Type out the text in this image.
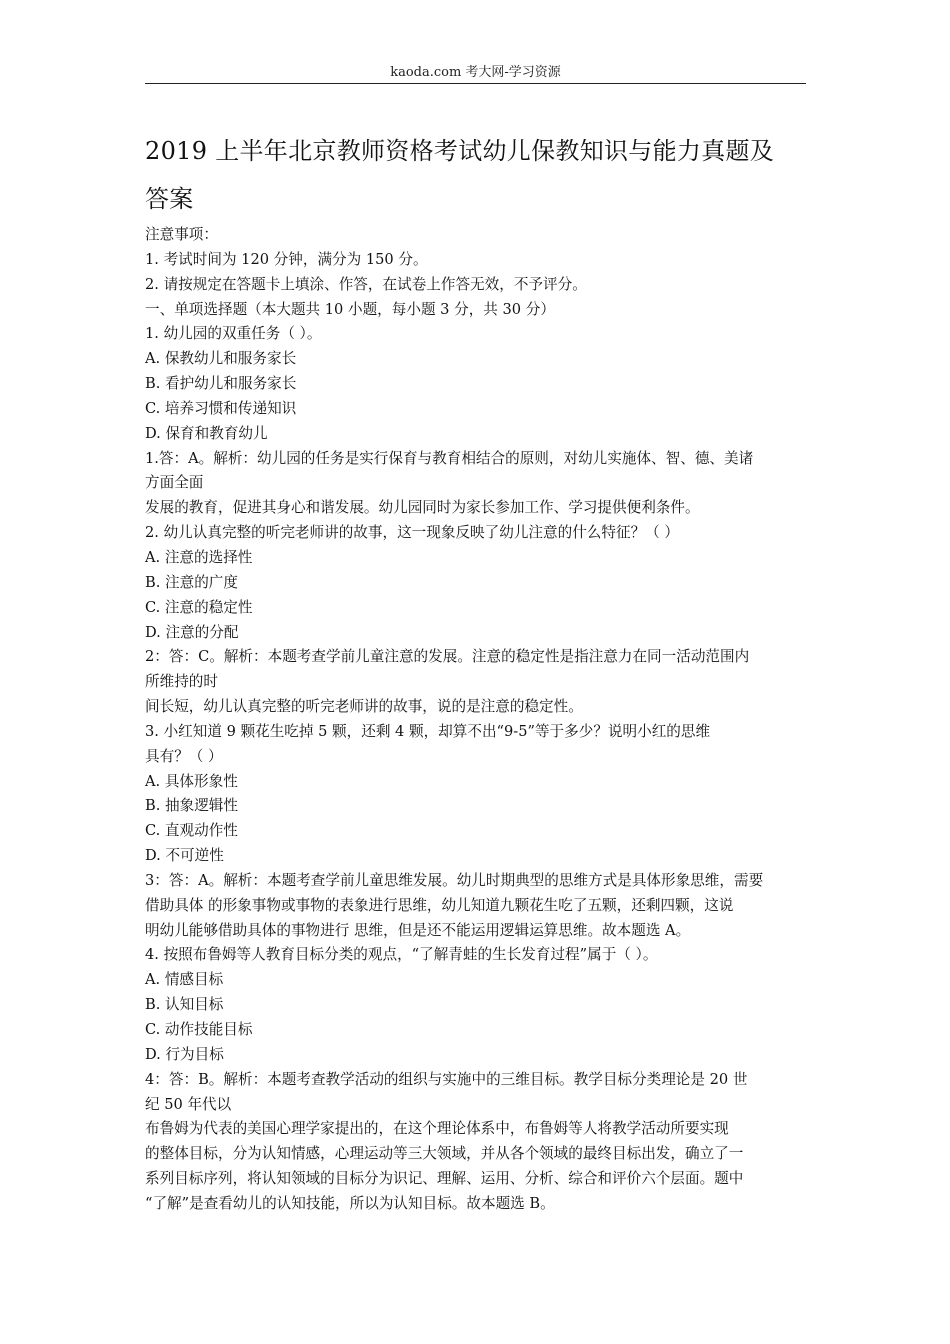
kaoda.com 考大网-学习资源
2019 上半年北京教师资格考试幼儿保教知识与能力真题及
答案
注意事项：
1. 考试时间为 120 分钟，满分为 150 分。
2. 请按规定在答题卡上填涂、作答，在试卷上作答无效，不予评分。
一、单项选择题（本大题共 10 小题，每小题 3 分，共 30 分）
1. 幼儿园的双重任务（ ）。
A. 保教幼儿和服务家长
B. 看护幼儿和服务家长
C. 培养习惯和传递知识
D. 保育和教育幼儿
1.答：A。解析：幼儿园的任务是实行保育与教育相结合的原则，对幼儿实施体、智、德、美诸
方面全面
发展的教育，促进其身心和谐发展。幼儿园同时为家长参加工作、学习提供便利条件。
2. 幼儿认真完整的听完老师讲的故事，这一现象反映了幼儿注意的什么特征？（ ）
A. 注意的选择性
B. 注意的广度
C. 注意的稳定性
D. 注意的分配
2：答：C。解析：本题考查学前儿童注意的发展。注意的稳定性是指注意力在同一活动范围内
所维持的时
间长短，幼儿认真完整的听完老师讲的故事，说的是注意的稳定性。
3. 小红知道 9 颗花生吃掉 5 颗，还剩 4 颗，却算不出“9-5”等于多少？说明小红的思维
具有？（ ）
A. 具体形象性
B. 抽象逻辑性
C. 直观动作性
D. 不可逆性
3：答：A。解析：本题考查学前儿童思维发展。幼儿时期典型的思维方式是具体形象思维，需要
借助具体 的形象事物或事物的表象进行思维，幼儿知道九颗花生吃了五颗，还剩四颗，这说
明幼儿能够借助具体的事物进行 思维，但是还不能运用逻辑运算思维。故本题选 A。
4. 按照布鲁姆等人教育目标分类的观点，“了解青蛙的生长发育过程”属于（ ）。
A. 情感目标
B. 认知目标
C. 动作技能目标
D. 行为目标
4：答：B。解析：本题考查教学活动的组织与实施中的三维目标。教学目标分类理论是 20 世
纪 50 年代以
布鲁姆为代表的美国心理学家提出的，在这个理论体系中，布鲁姆等人将教学活动所要实现
的整体目标，分为认知情感，心理运动等三大领域，并从各个领域的最终目标出发，确立了一
系列目标序列，将认知领域的目标分为识记、理解、运用、分析、综合和评价六个层面。题中
“了解”是查看幼儿的认知技能，所以为认知目标。故本题选 B。
